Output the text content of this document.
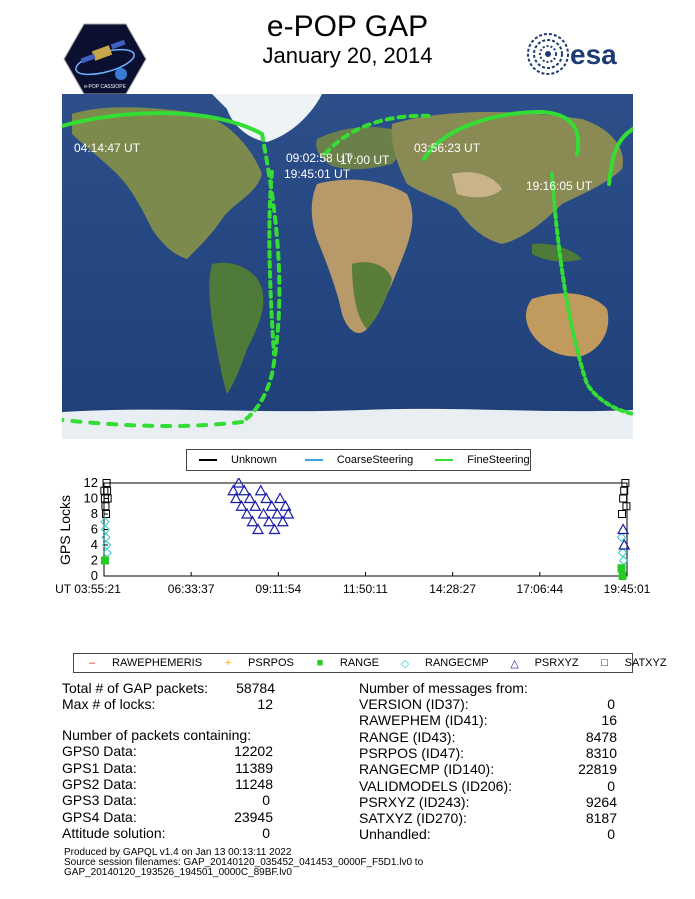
e-POP GAP
January 20, 2014
e-POP CASSIOPE
esa
04:14:47 UT
09:02:58 UT
19:45:01 UT
17:00 UT
03:56:23 UT
19:16:05 UT
Unknown	CoarseSteering	FineSteering
GPS Locks
0
2
4
6
8
10
12
UT 03:55:21	06:33:37	09:11:54	11:50:11	14:28:27	17:06:44	19:45:01
– RAWEPHEMERIS + PSRPOS ■ RANGE ◇ RANGECMP △ PSRXYZ □ SATXYZ
Total # of GAP packets:	58784
Max # of locks:	12
Number of packets containing:
GPS0 Data:	12202
GPS1 Data:	11389
GPS2 Data:	11248
GPS3 Data:	0
GPS4 Data:	23945
Attitude solution:	0
Number of messages from:
VERSION (ID37):	0
RAWEPHEM (ID41):	16
RANGE (ID43):	8478
PSRPOS (ID47):	8310
RANGECMP (ID140):	22819
VALIDMODELS (ID206):	0
PSRXYZ (ID243):	9264
SATXYZ (ID270):	8187
Unhandled:	0
Produced by GAPQL v1.4 on Jan 13 00:13:11 2022
Source session filenames: GAP_20140120_035452_041453_0000F_F5D1.lv0 to
GAP_20140120_193526_194501_0000C_89BF.lv0
